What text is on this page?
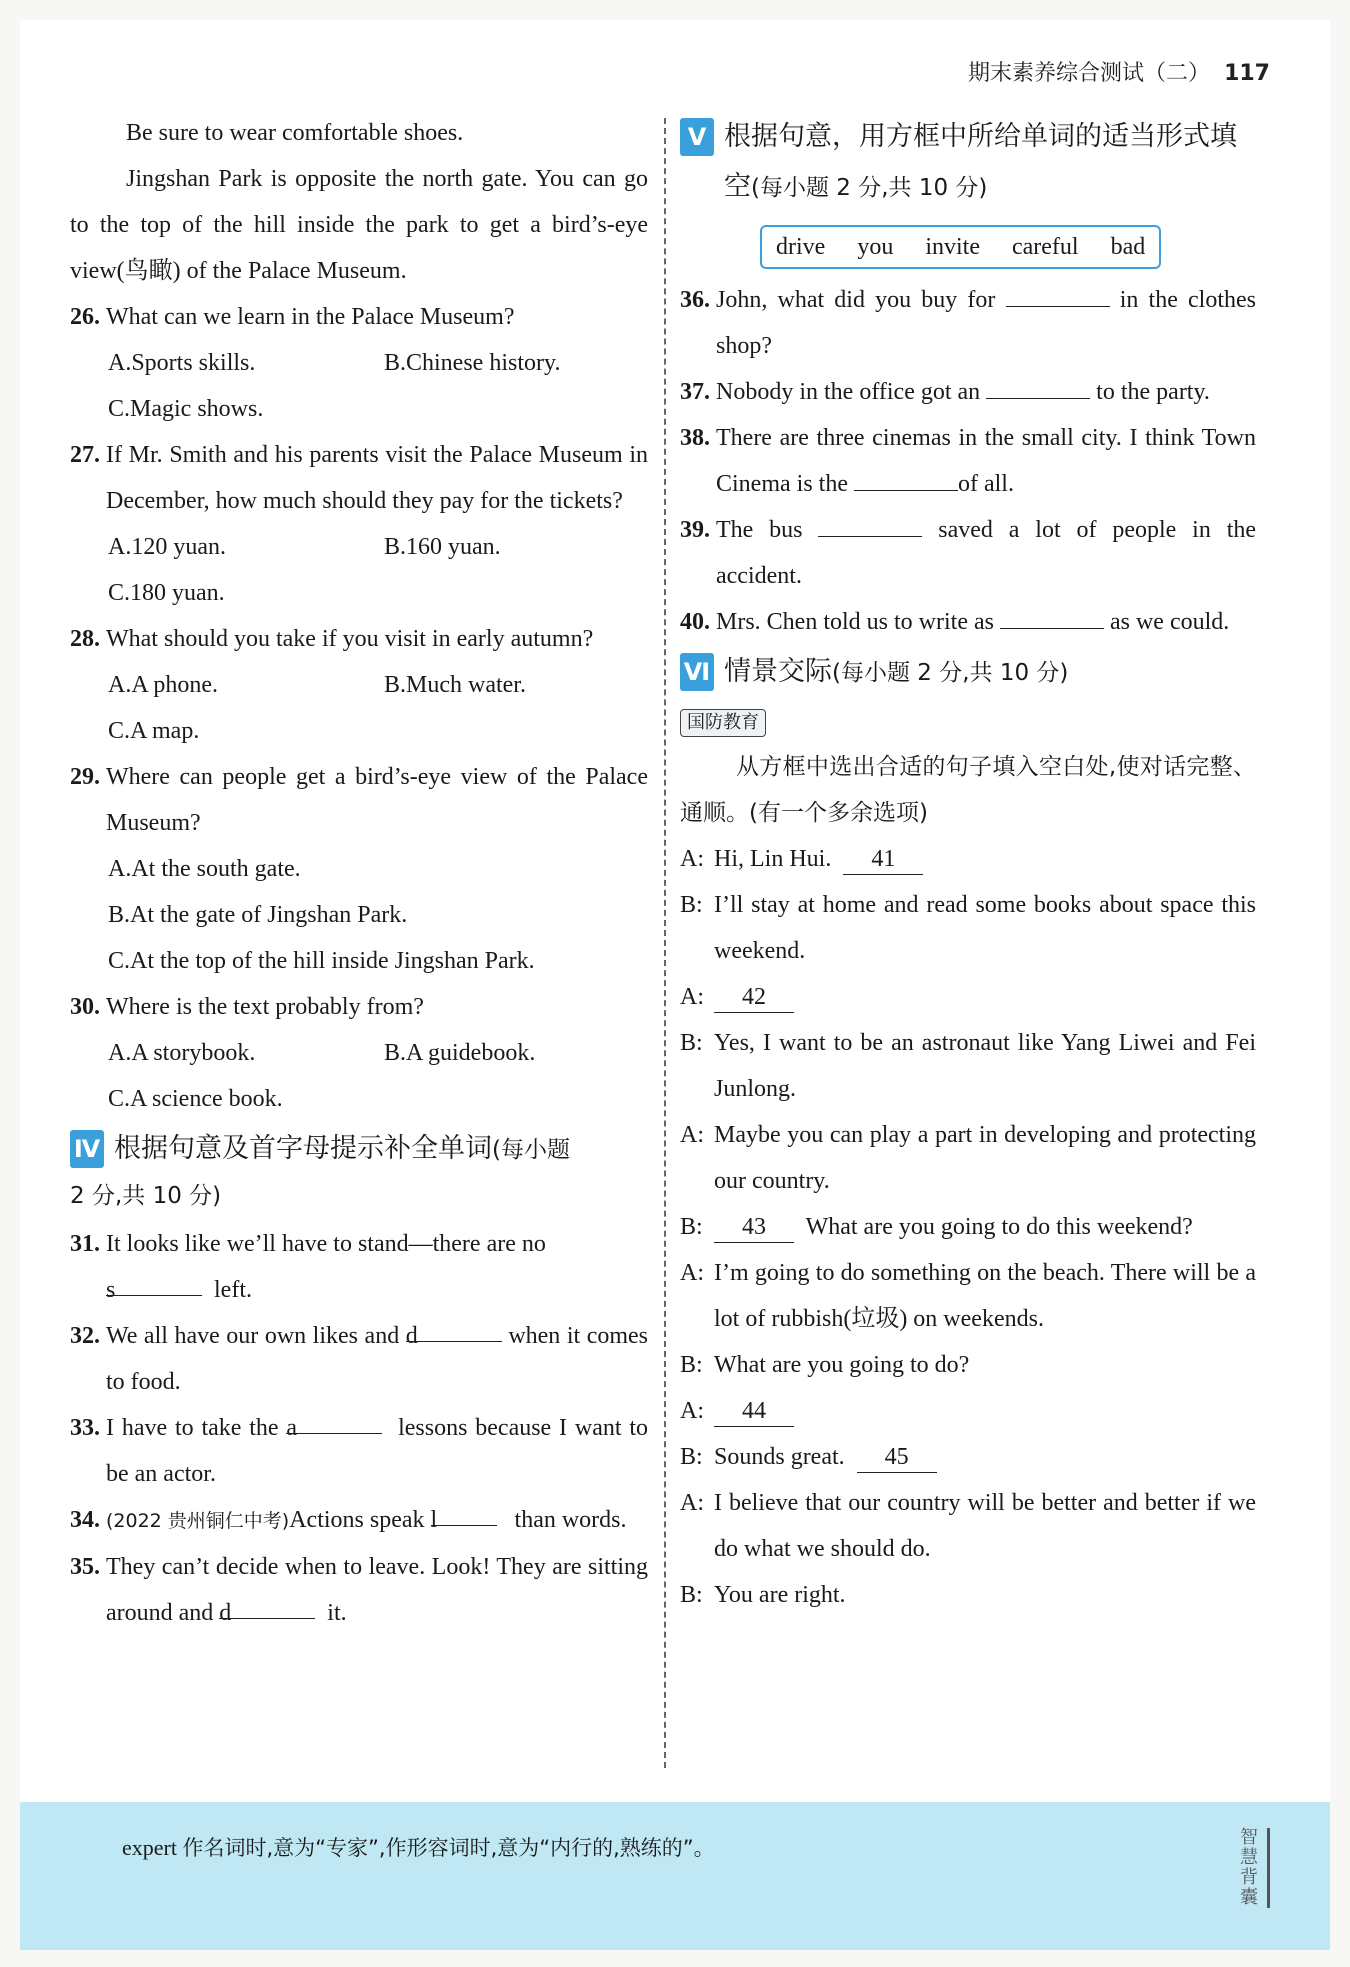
期末素养综合测试（二） 117

Be sure to wear comfortable shoes.

Jingshan Park is opposite the north gate. You can go to the top of the hill inside the park to get a bird’s-eye view(鸟瞰) of the Palace Museum.

26. What can we learn in the Palace Museum?
A.Sports skills.	B.Chinese history.
C.Magic shows.
27. If Mr. Smith and his parents visit the Palace Museum in December, how much should they pay for the tickets?
A.120 yuan.	B.160 yuan.
C.180 yuan.
28. What should you take if you visit in early autumn?
A.A phone.	B.Much water.
C.A map.
29. Where can people get a bird’s-eye view of the Palace Museum?
A.At the south gate.
B.At the gate of Jingshan Park.
C.At the top of the hill inside Jingshan Park.
30. Where is the text probably from?
A.A storybook.	B.A guidebook.
C.A science book.
Ⅳ 根据句意及首字母提示补全单词(每小题
2 分,共 10 分)
31. It looks like we’ll have to stand—there are no
s	left.
32. We all have our own likes and d	when it comes to food.
33. I have to take the a	lessons because I want to be an actor.
34. (2022 贵州铜仁中考)Actions speak l	than words.
35. They can’t decide when to leave. Look! They are sitting around and d	it.
Ⅴ 根据句意，用方框中所给单词的适当形式填空(每小题 2 分,共 10 分)
drive you invite careful bad
36. John, what did you buy for	in the clothes shop?
37. Nobody in the office got an	to the party.
38. There are three cinemas in the small city. I think Town Cinema is the	of all.
39. The bus	saved a lot of people in the accident.
40. Mrs. Chen told us to write as	as we could.
Ⅵ 情景交际(每小题 2 分,共 10 分)
国防教育

从方框中选出合适的句子填入空白处,使对话完整、通顺。(有一个多余选项)

A: Hi, Lin Hui. 41
B: I’ll stay at home and read some books about space this weekend.
A:	42
B: Yes, I want to be an astronaut like Yang Liwei and Fei Junlong.
A: Maybe you can play a part in developing and protecting our country.
B:	43 What are you going to do this weekend?
A: I’m going to do something on the beach. There will be a lot of rubbish(垃圾) on weekends.
B: What are you going to do?
A:	44
B: Sounds great. 45
A: I believe that our country will be better and better if we do what we should do.
B: You are right.
expert 作名词时,意为“专家”,作形容词时,意为“内行的,熟练的”。	智慧背囊
